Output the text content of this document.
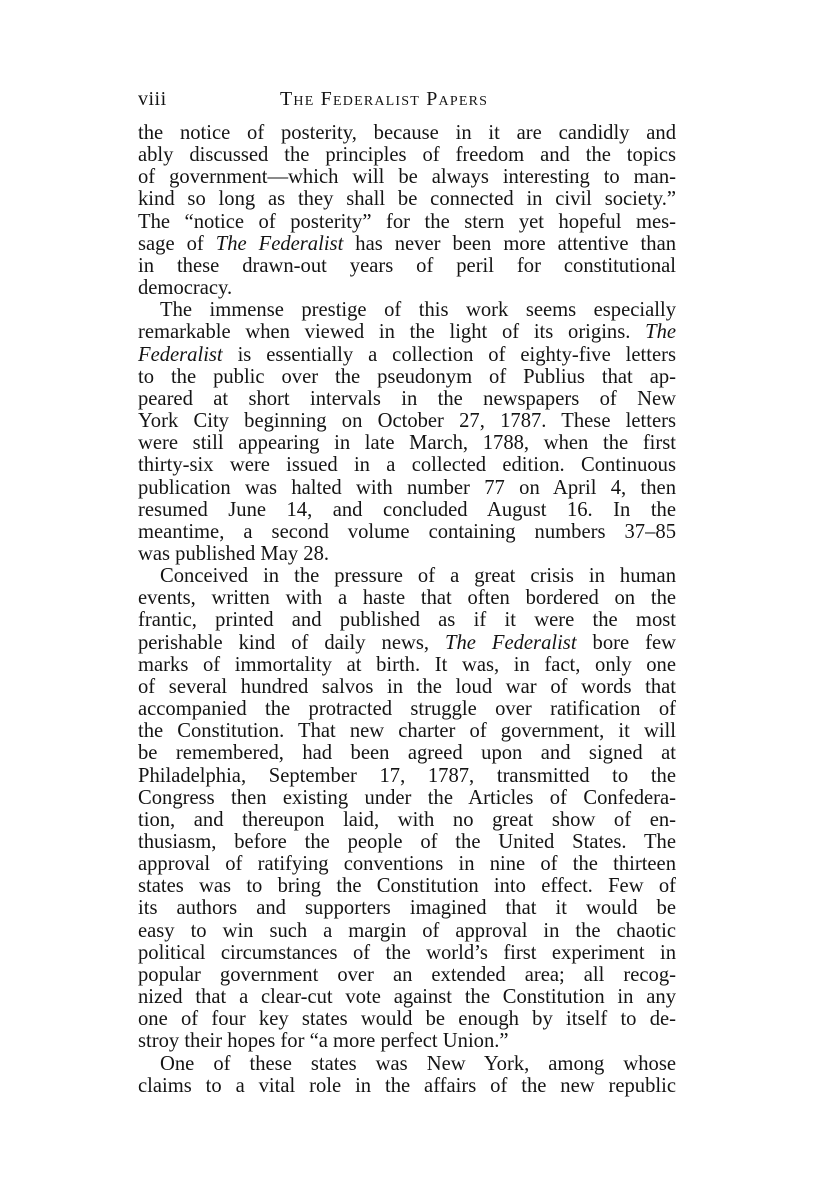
viii	The Federalist Papers
the notice of posterity, because in it are candidly and
ably discussed the principles of freedom and the topics
of government—which will be always interesting to man-
kind so long as they shall be connected in civil society.”
The “notice of posterity” for the stern yet hopeful mes-
sage of The Federalist has never been more attentive than
in these drawn-out years of peril for constitutional
democracy.
The immense prestige of this work seems especially
remarkable when viewed in the light of its origins. The
Federalist is essentially a collection of eighty-five letters
to the public over the pseudonym of Publius that ap-
peared at short intervals in the newspapers of New
York City beginning on October 27, 1787. These letters
were still appearing in late March, 1788, when the first
thirty-six were issued in a collected edition. Continuous
publication was halted with number 77 on April 4, then
resumed June 14, and concluded August 16. In the
meantime, a second volume containing numbers 37–85
was published May 28.
Conceived in the pressure of a great crisis in human
events, written with a haste that often bordered on the
frantic, printed and published as if it were the most
perishable kind of daily news, The Federalist bore few
marks of immortality at birth. It was, in fact, only one
of several hundred salvos in the loud war of words that
accompanied the protracted struggle over ratification of
the Constitution. That new charter of government, it will
be remembered, had been agreed upon and signed at
Philadelphia, September 17, 1787, transmitted to the
Congress then existing under the Articles of Confedera-
tion, and thereupon laid, with no great show of en-
thusiasm, before the people of the United States. The
approval of ratifying conventions in nine of the thirteen
states was to bring the Constitution into effect. Few of
its authors and supporters imagined that it would be
easy to win such a margin of approval in the chaotic
political circumstances of the world’s first experiment in
popular government over an extended area; all recog-
nized that a clear-cut vote against the Constitution in any
one of four key states would be enough by itself to de-
stroy their hopes for “a more perfect Union.”
One of these states was New York, among whose
claims to a vital role in the affairs of the new republic
